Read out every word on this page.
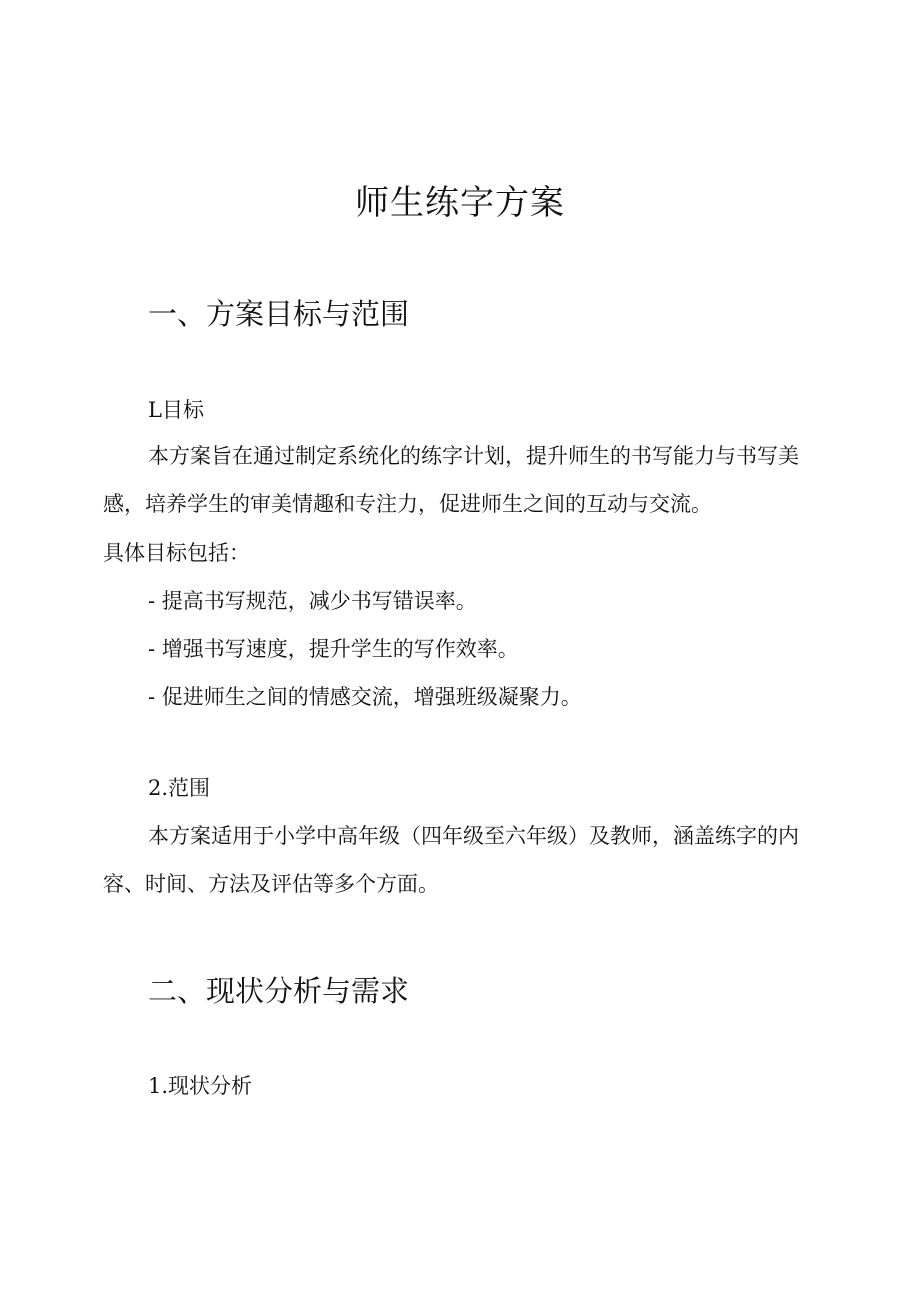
师生练字方案
一、方案目标与范围
L目标
本方案旨在通过制定系统化的练字计划，提升师生的书写能力与书写美感，培养学生的审美情趣和专注力，促进师生之间的互动与交流。
具体目标包括：
- 提高书写规范，减少书写错误率。
- 增强书写速度，提升学生的写作效率。
- 促进师生之间的情感交流，增强班级凝聚力。
2.范围
本方案适用于小学中高年级（四年级至六年级）及教师，涵盖练字的内容、时间、方法及评估等多个方面。
二、现状分析与需求
1.现状分析
